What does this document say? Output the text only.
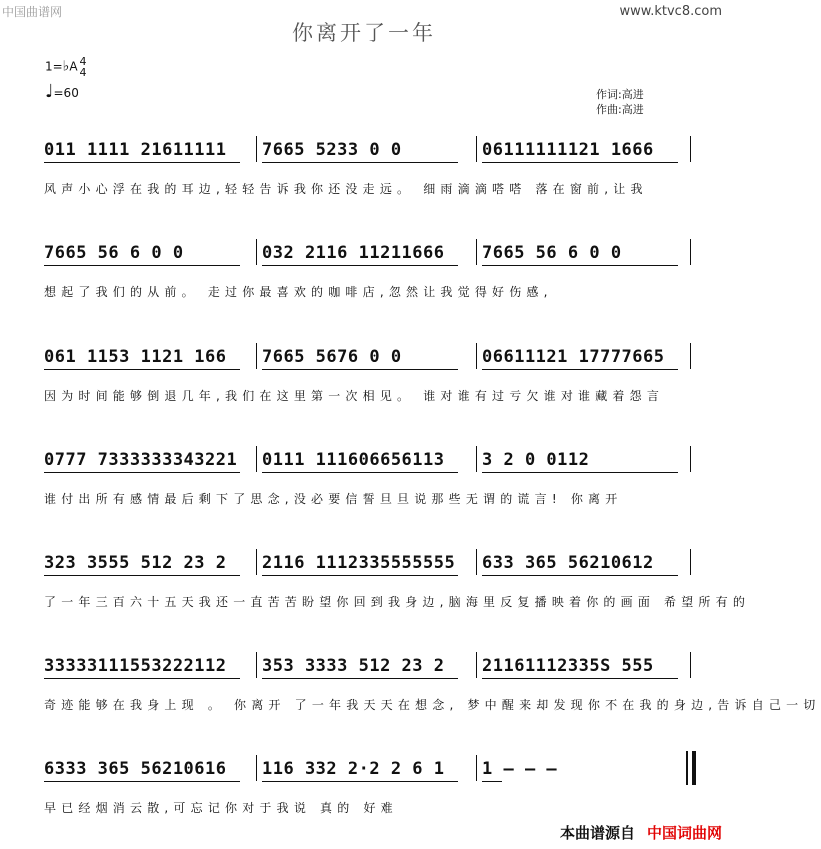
中国曲谱网	www.ktvc8.com
你离开了一年
1=♭A 4
4
♩=60	作词:高进
作曲:高进
011 1111 21611111 7665 5233 0 0	06111111121 1666
风声小心浮在我的耳边,轻轻告诉我你还没走远。 细雨滴滴嗒嗒 落在窗前,让我
7665 56 6 0 0	032 2116 11211666 7665 56 6 0 0
想起了我们的从前。 走过你最喜欢的咖啡店,忽然让我觉得好伤感,
061 1153 1121 166 7665 5676 0 0	06611121 17777665
因为时间能够倒退几年,我们在这里第一次相见。 谁对谁有过亏欠谁对谁藏着怨言
0777 7333333343221 0111 111606656113 3 2 0 0112
谁付出所有感情最后剩下了思念,没必要信誓旦旦说那些无谓的谎言! 你离开
323 3555 512 23 2 2116 1112335555555 633 365 56210612
了一年三百六十五天我还一直苦苦盼望你回到我身边,脑海里反复播映着你的画面 希望所有的
33333111553222112 353 3333 512 23 2 21161112335S 555
奇迹能够在我身上现 。 你离开 了一年我天天在想念, 梦中醒来却发现你不在我的身边,告诉自己一切
6333 365 56210616 116 332 2·2 2 6 1 1 – – –
早已经烟消云散,可忘记你对于我说 真的 好难
本曲谱源自 中国词曲网
